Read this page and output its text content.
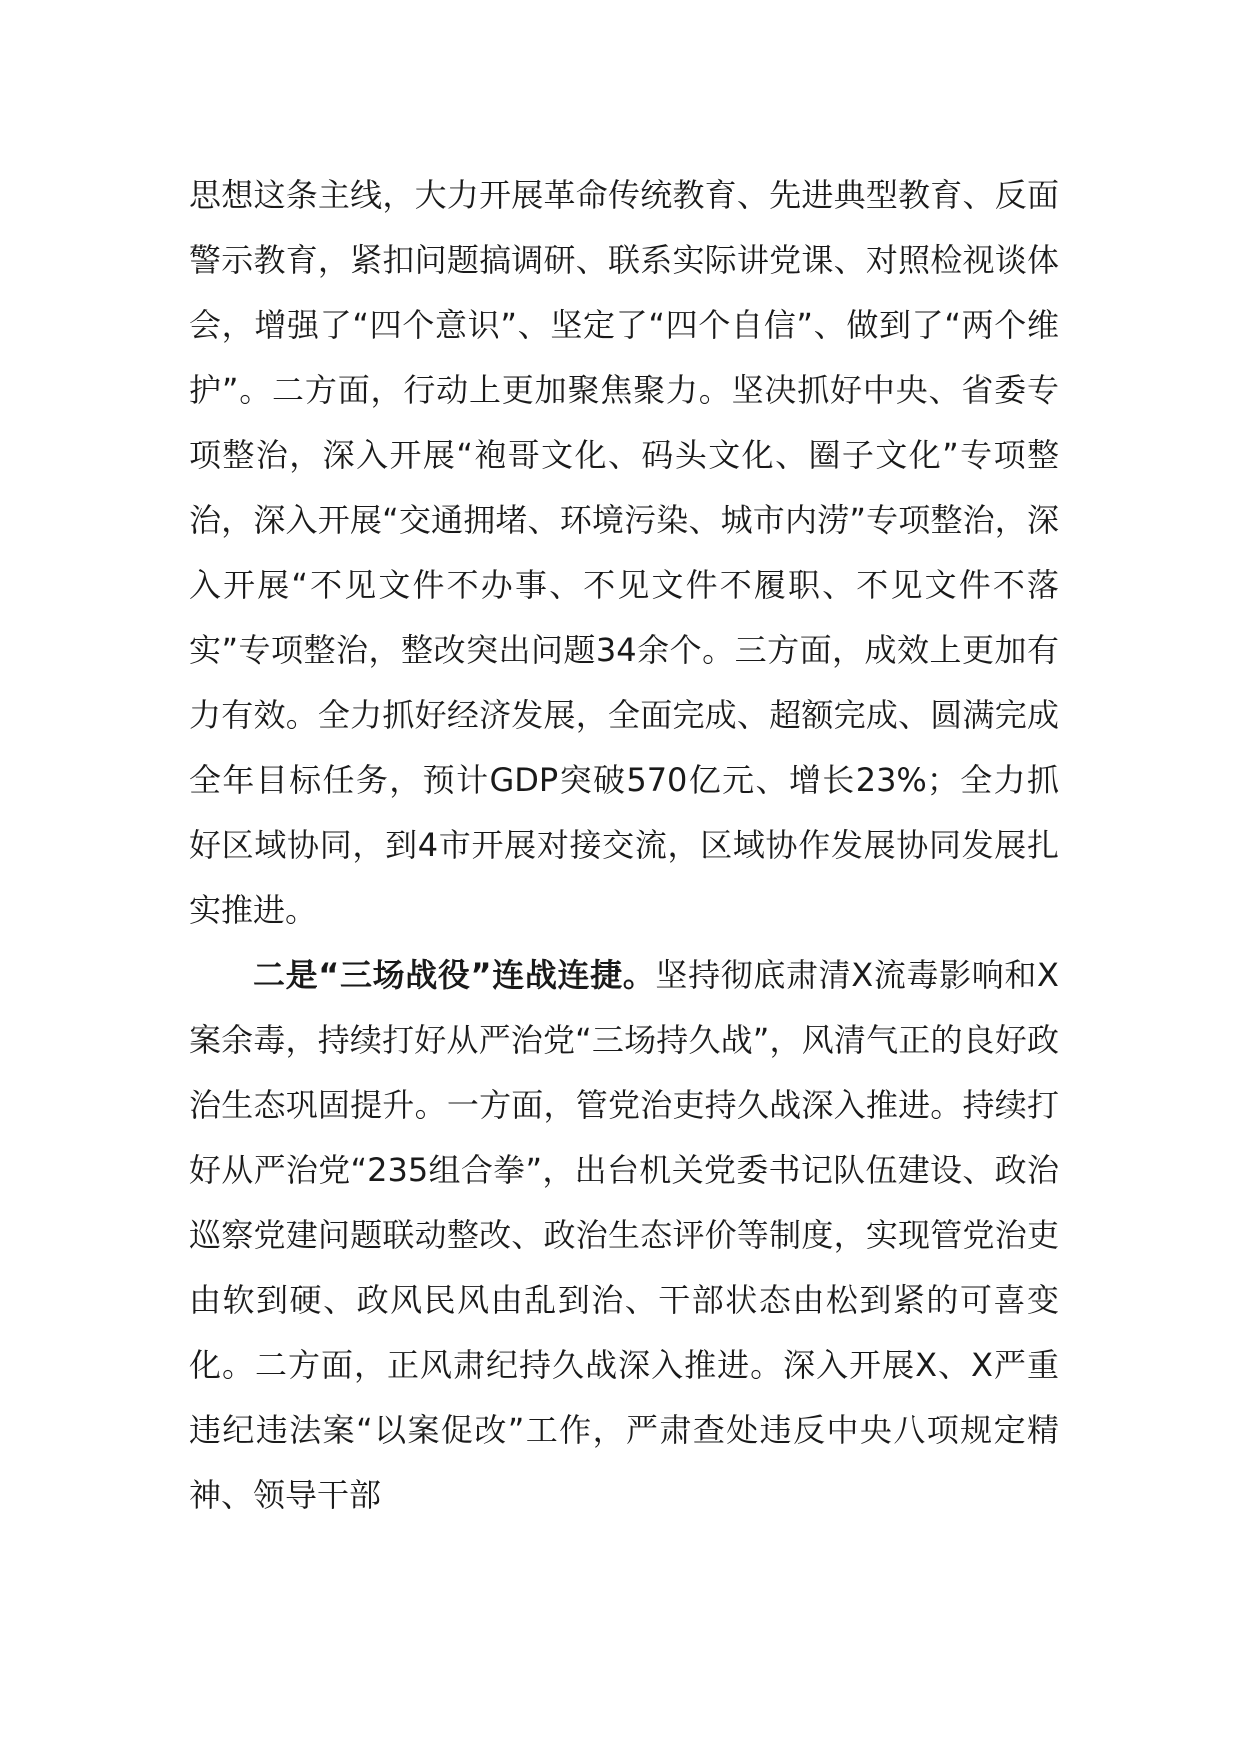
思想这条主线，大力开展革命传统教育、先进典型教育、反面警示教育，紧扣问题搞调研、联系实际讲党课、对照检视谈体会，增强了“四个意识”、坚定了“四个自信”、做到了“两个维护”。二方面，行动上更加聚焦聚力。坚决抓好中央、省委专项整治，深入开展“袍哥文化、码头文化、圈子文化”专项整治，深入开展“交通拥堵、环境污染、城市内涝”专项整治，深入开展“不见文件不办事、不见文件不履职、不见文件不落实”专项整治，整改突出问题34余个。三方面，成效上更加有力有效。全力抓好经济发展，全面完成、超额完成、圆满完成全年目标任务，预计GDP突破570亿元、增长23%；全力抓好区域协同，到4市开展对接交流，区域协作发展协同发展扎实推进。

二是“三场战役”连战连捷。坚持彻底肃清X流毒影响和X案余毒，持续打好从严治党“三场持久战”，风清气正的良好政治生态巩固提升。一方面，管党治吏持久战深入推进。持续打好从严治党“235组合拳”，出台机关党委书记队伍建设、政治巡察党建问题联动整改、政治生态评价等制度，实现管党治吏由软到硬、政风民风由乱到治、干部状态由松到紧的可喜变化。二方面，正风肃纪持久战深入推进。深入开展X、X严重违纪违法案“以案促改”工作，严肃查处违反中央八项规定精神、领导干部
